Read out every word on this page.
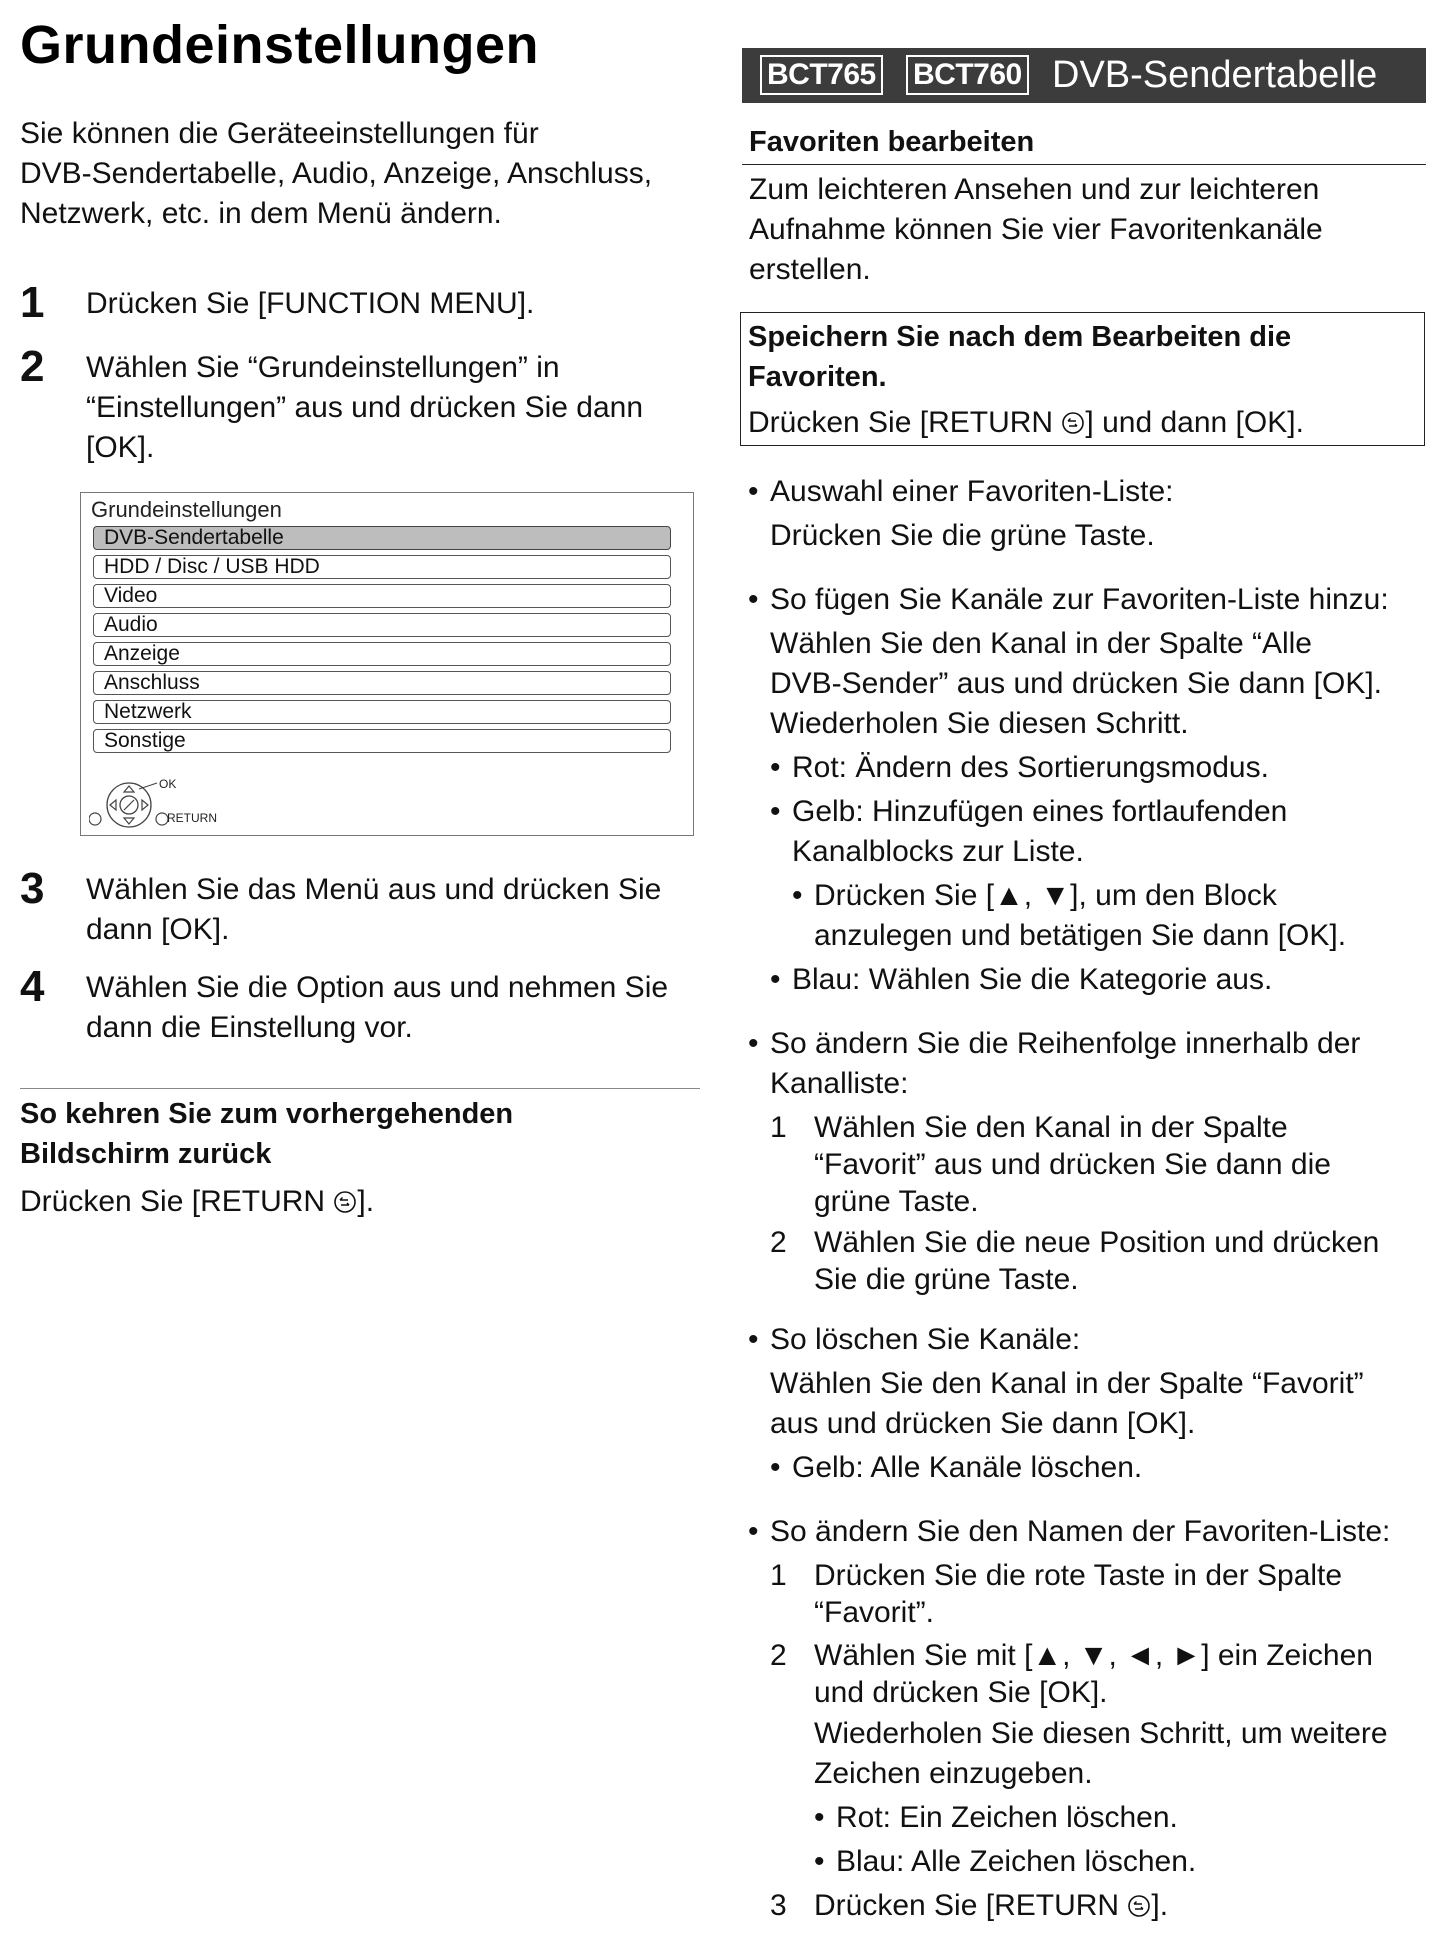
Grundeinstellungen
Sie können die Geräteeinstellungen für
DVB-Sendertabelle, Audio, Anzeige, Anschluss,
Netzwerk, etc. in dem Menü ändern.
1 Drücken Sie [FUNCTION MENU].
2 Wählen Sie “Grundeinstellungen” in
“Einstellungen” aus und drücken Sie dann
[OK].
Grundeinstellungen
DVB-Sendertabelle
HDD / Disc / USB HDD
Video
Audio
Anzeige
Anschluss
Netzwerk
Sonstige
OK
RETURN
3 Wählen Sie das Menü aus und drücken Sie
dann [OK].
4 Wählen Sie die Option aus und nehmen Sie
dann die Einstellung vor.
So kehren Sie zum vorhergehenden
Bildschirm zurück
Drücken Sie [RETURN ].
BCT765 BCT760 DVB-Sendertabelle
Favoriten bearbeiten
Zum leichteren Ansehen und zur leichteren
Aufnahme können Sie vier Favoritenkanäle
erstellen.
Speichern Sie nach dem Bearbeiten die
Favoriten.
Drücken Sie [RETURN ] und dann [OK].
• Auswahl einer Favoriten-Liste:
Drücken Sie die grüne Taste.
• So fügen Sie Kanäle zur Favoriten-Liste hinzu:
Wählen Sie den Kanal in der Spalte “Alle
DVB-Sender” aus und drücken Sie dann [OK].
Wiederholen Sie diesen Schritt.
• Rot: Ändern des Sortierungsmodus.
• Gelb: Hinzufügen eines fortlaufenden
Kanalblocks zur Liste.
• Drücken Sie [▲, ▼], um den Block
anzulegen und betätigen Sie dann [OK].
• Blau: Wählen Sie die Kategorie aus.
• So ändern Sie die Reihenfolge innerhalb der
Kanalliste:
1 Wählen Sie den Kanal in der Spalte
“Favorit” aus und drücken Sie dann die
grüne Taste.
2 Wählen Sie die neue Position und drücken
Sie die grüne Taste.
• So löschen Sie Kanäle:
Wählen Sie den Kanal in der Spalte “Favorit”
aus und drücken Sie dann [OK].
• Gelb: Alle Kanäle löschen.
• So ändern Sie den Namen der Favoriten-Liste:
1 Drücken Sie die rote Taste in der Spalte
“Favorit”.
2 Wählen Sie mit [▲, ▼, ◄, ►] ein Zeichen
und drücken Sie [OK].
Wiederholen Sie diesen Schritt, um weitere
Zeichen einzugeben.
• Rot: Ein Zeichen löschen.
• Blau: Alle Zeichen löschen.
3 Drücken Sie [RETURN ].
